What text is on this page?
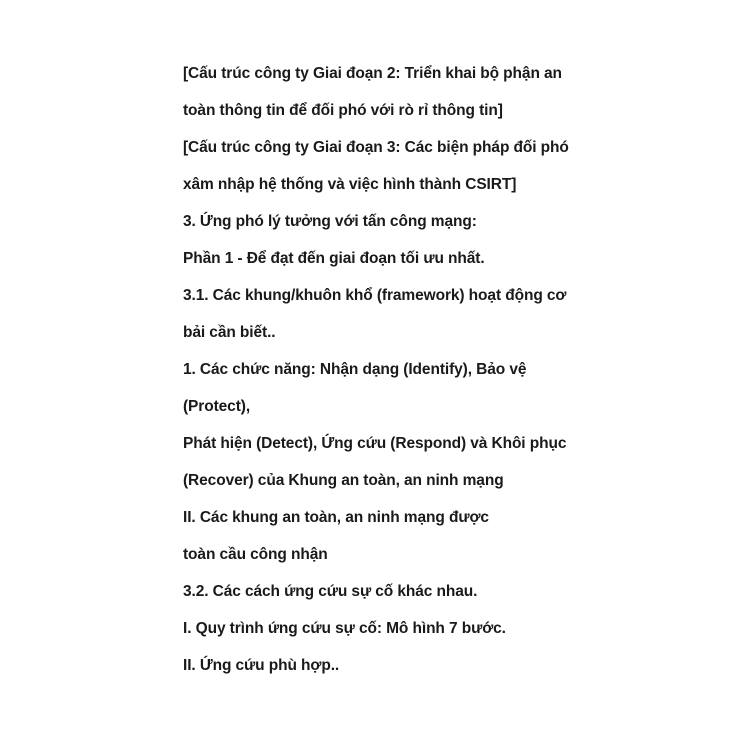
[Cấu trúc công ty Giai đoạn 2: Triển khai bộ phận an
toàn thông tin để đối phó với rò rỉ thông tin]
[Cấu trúc công ty Giai đoạn 3: Các biện pháp đối phó
xâm nhập hệ thống và việc hình thành CSIRT]
3. Ứng phó lý tưởng với tấn công mạng:
Phần 1 - Để đạt đến giai đoạn tối ưu nhất.
3.1. Các khung/khuôn khổ (framework) hoạt động cơ
bải cần biết..
1. Các chức năng: Nhận dạng (Identify), Bảo vệ
(Protect),
Phát hiện (Detect), Ứng cứu (Respond) và Khôi phục
(Recover) của Khung an toàn, an ninh mạng
II. Các khung an toàn, an ninh mạng được
toàn cầu công nhận
3.2. Các cách ứng cứu sự cố khác nhau.
I. Quy trình ứng cứu sự cố: Mô hình 7 bước.
II. Ứng cứu phù hợp..
